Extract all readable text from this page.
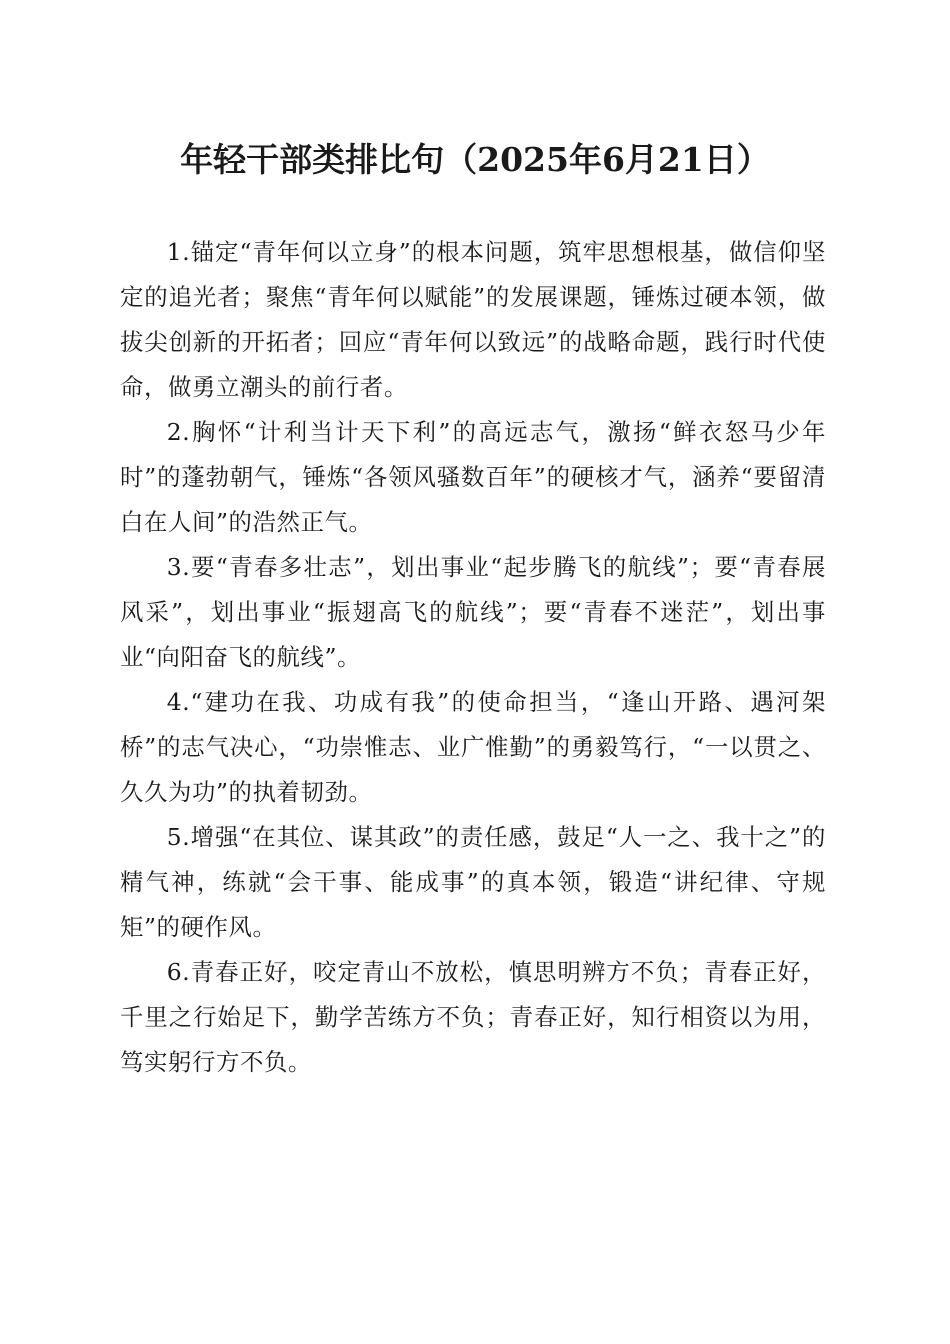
年轻干部类排比句（2025年6月21日）

1.锚定“青年何以立身”的根本问题，筑牢思想根基，做信仰坚定的追光者；聚焦“青年何以赋能”的发展课题，锤炼过硬本领，做拔尖创新的开拓者；回应“青年何以致远”的战略命题，践行时代使命，做勇立潮头的前行者。

2.胸怀“计利当计天下利”的高远志气，激扬“鲜衣怒马少年时”的蓬勃朝气，锤炼“各领风骚数百年”的硬核才气，涵养“要留清白在人间”的浩然正气。

3.要“青春多壮志”，划出事业“起步腾飞的航线”；要“青春展风采”，划出事业“振翅高飞的航线”；要“青春不迷茫”，划出事业“向阳奋飞的航线”。

4.“建功在我、功成有我”的使命担当，“逢山开路、遇河架桥”的志气决心，“功崇惟志、业广惟勤”的勇毅笃行，“一以贯之、久久为功”的执着韧劲。

5.增强“在其位、谋其政”的责任感，鼓足“人一之、我十之”的精气神，练就“会干事、能成事”的真本领，锻造“讲纪律、守规矩”的硬作风。

6.青春正好，咬定青山不放松，慎思明辨方不负；青春正好，千里之行始足下，勤学苦练方不负；青春正好，知行相资以为用，笃实躬行方不负。
